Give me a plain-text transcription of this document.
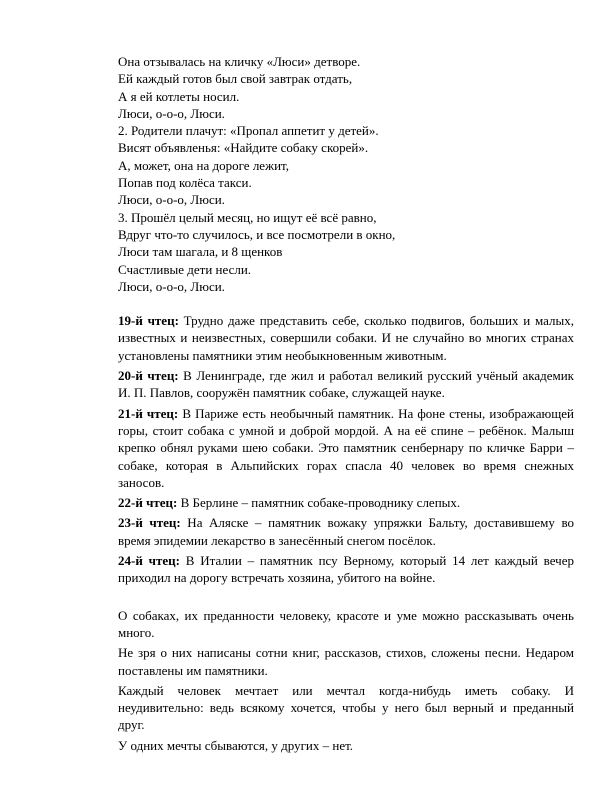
Она отзывалась на кличку «Люси» детворе.

Ей каждый готов был свой завтрак отдать,

А я ей котлеты носил.

Люси, о-о-о, Люси.

2. Родители плачут: «Пропал аппетит у детей».

Висят объявленья: «Найдите собаку скорей».

А, может, она на дороге лежит,

Попав под колёса такси.

Люси, о-о-о, Люси.

3. Прошёл целый месяц, но ищут её всё равно,

Вдруг что-то случилось, и все посмотрели в окно,

Люси там шагала, и 8 щенков

Счастливые дети несли.

Люси, о-о-о, Люси.

19-й чтец: Трудно даже представить себе, сколько подвигов, больших и малых, известных и неизвестных, совершили собаки. И не случайно во многих странах установлены памятники этим необыкновенным животным.

20-й чтец: В Ленинграде, где жил и работал великий русский учёный академик И. П. Павлов, сооружён памятник собаке, служащей науке.

21-й чтец: В Париже есть необычный памятник. На фоне стены, изображающей горы, стоит собака с умной и доброй мордой. А на её спине – ребёнок. Малыш крепко обнял руками шею собаки. Это памятник сенбернару по кличке Барри – собаке, которая в Альпийских горах спасла 40 человек во время снежных заносов.

22-й чтец: В Берлине – памятник собаке-проводнику слепых.

23-й чтец: На Аляске – памятник вожаку упряжки Бальту, доставившему во время эпидемии лекарство в занесённый снегом посёлок.

24-й чтец: В Италии – памятник псу Верному, который 14 лет каждый вечер приходил на дорогу встречать хозяина, убитого на войне.

О собаках, их преданности человеку, красоте и уме можно рассказывать очень много.

Не зря о них написаны сотни книг, рассказов, стихов, сложены песни. Недаром поставлены им памятники.

Каждый человек мечтает или мечтал когда-нибудь иметь собаку. И неудивительно: ведь всякому хочется, чтобы у него был верный и преданный друг.

У одних мечты сбываются, у других – нет.
